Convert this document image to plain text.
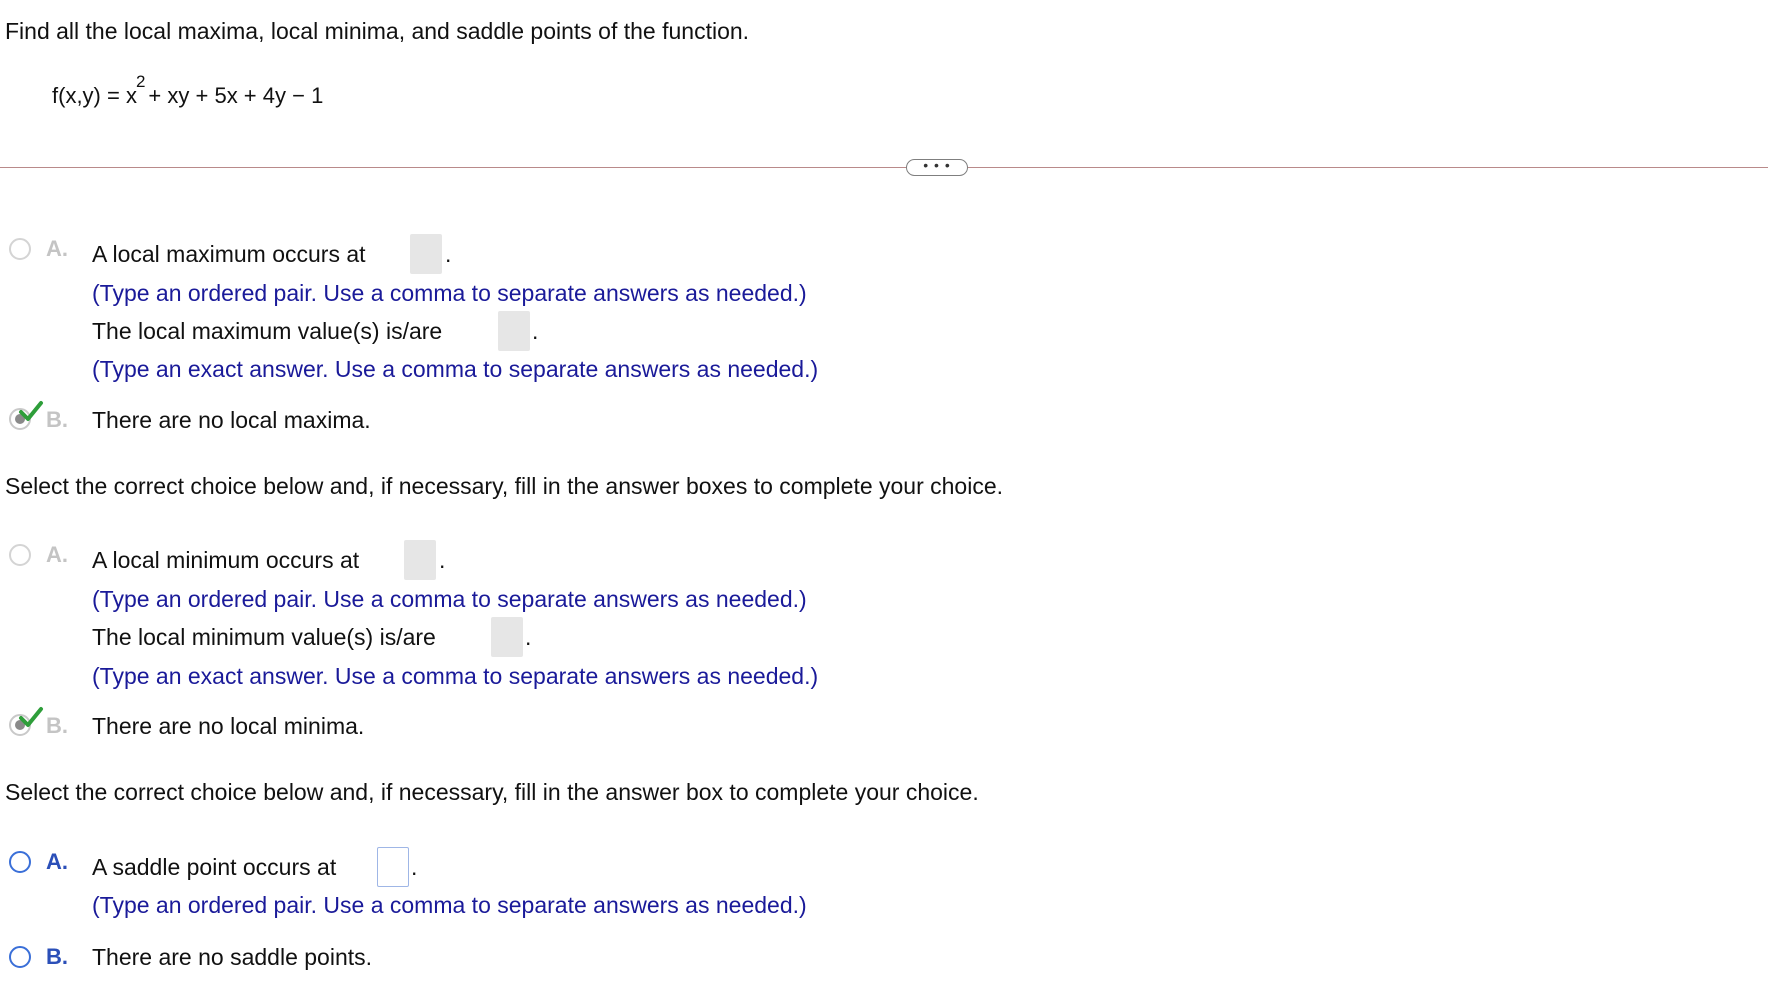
Find all the local maxima, local minima, and saddle points of the function.
$f(x,y) = x^2+$ xy + 5x + 4y − 1
• • •
A. A local maximum occurs at	.
(Type an ordered pair. Use a comma to separate answers as needed.)
The local maximum value(s) is/are	.
(Type an exact answer. Use a comma to separate answers as needed.)
B. There are no local maxima.
Select the correct choice below and, if necessary, fill in the answer boxes to complete your choice.
A. A local minimum occurs at	.
(Type an ordered pair. Use a comma to separate answers as needed.)
The local minimum value(s) is/are	.
(Type an exact answer. Use a comma to separate answers as needed.)
B. There are no local minima.
Select the correct choice below and, if necessary, fill in the answer box to complete your choice.
A. A saddle point occurs at	.
(Type an ordered pair. Use a comma to separate answers as needed.)
B. There are no saddle points.
